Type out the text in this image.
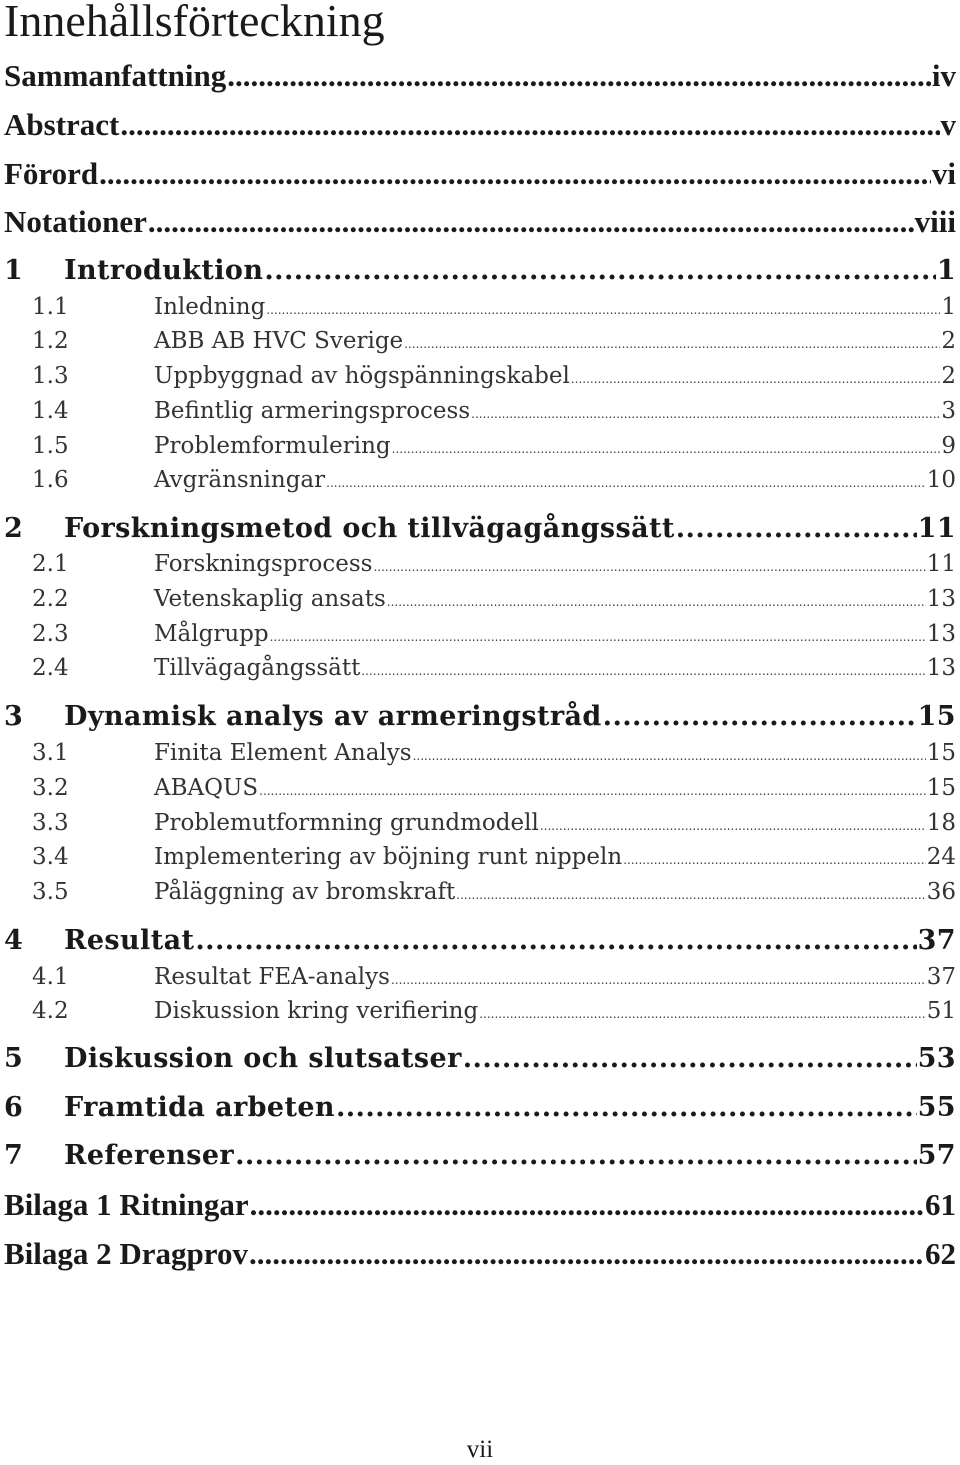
Innehållsförteckning
Sammanfattning .....	iv
Abstract .....	v
Förord .....	vi
Notationer .....	viii
1	Introduktion .....	1
1.1	Inledning .....	1
1.2	ABB AB HVC Sverige .....	2
1.3	Uppbyggnad av högspänningskabel .....	2
1.4	Befintlig armeringsprocess .....	3
1.5	Problemformulering .....	9
1.6	Avgränsningar .....	10
2	Forskningsmetod och tillvägagångssätt .....	11
2.1	Forskningsprocess .....	11
2.2	Vetenskaplig ansats .....	13
2.3	Målgrupp .....	13
2.4	Tillvägagångssätt .....	13
3	Dynamisk analys av armeringstråd .....	15
3.1	Finita Element Analys .....	15
3.2	ABAQUS .....	15
3.3	Problemutformning grundmodell .....	18
3.4	Implementering av böjning runt nippeln .....	24
3.5	Påläggning av bromskraft .....	36
4	Resultat .....	37
4.1	Resultat FEA-analys .....	37
4.2	Diskussion kring verifiering .....	51
5	Diskussion och slutsatser .....	53
6	Framtida arbeten .....	55
7	Referenser .....	57
Bilaga 1 Ritningar .....	61
Bilaga 2 Dragprov .....	62
vii
